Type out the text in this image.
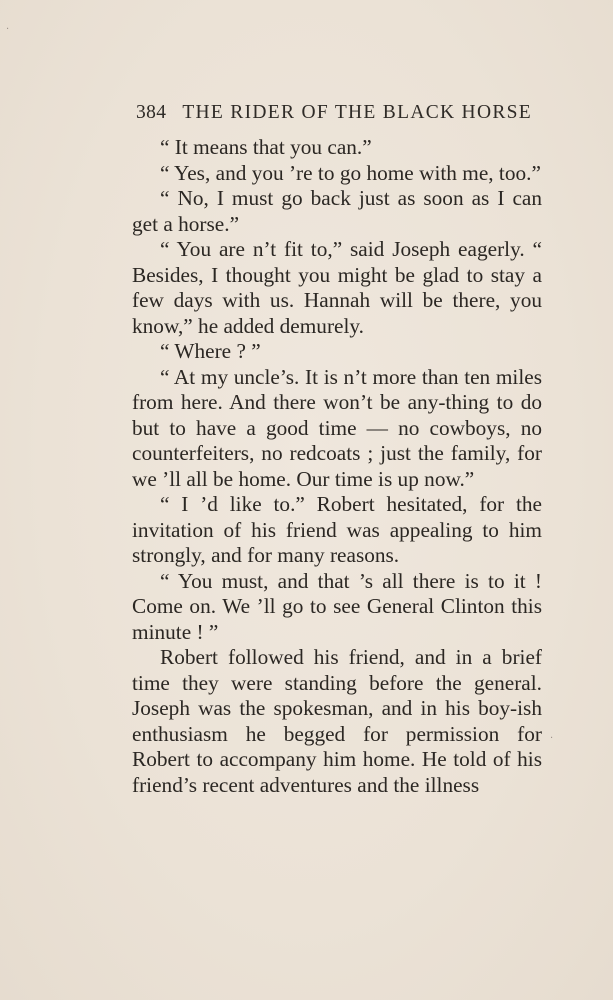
384 THE RIDER OF THE BLACK HORSE

“ It means that you can.”

“ Yes, and you ’re to go home with me, too.”

“ No, I must go back just as soon as I can get a horse.”

“ You are n’t fit to,” said Joseph eagerly. “ Besides, I thought you might be glad to stay a few days with us. Hannah will be there, you know,” he added demurely.

“ Where ? ”

“ At my uncle’s. It is n’t more than ten miles from here. And there won’t be any-thing to do but to have a good time — no cowboys, no counterfeiters, no redcoats ; just the family, for we ’ll all be home. Our time is up now.”

“ I ’d like to.” Robert hesitated, for the invitation of his friend was appealing to him strongly, and for many reasons.

“ You must, and that ’s all there is to it ! Come on. We ’ll go to see General Clinton this minute ! ”

Robert followed his friend, and in a brief time they were standing before the general. Joseph was the spokesman, and in his boy-ish enthusiasm he begged for permission for Robert to accompany him home. He told of his friend’s recent adventures and the illness

·
·
